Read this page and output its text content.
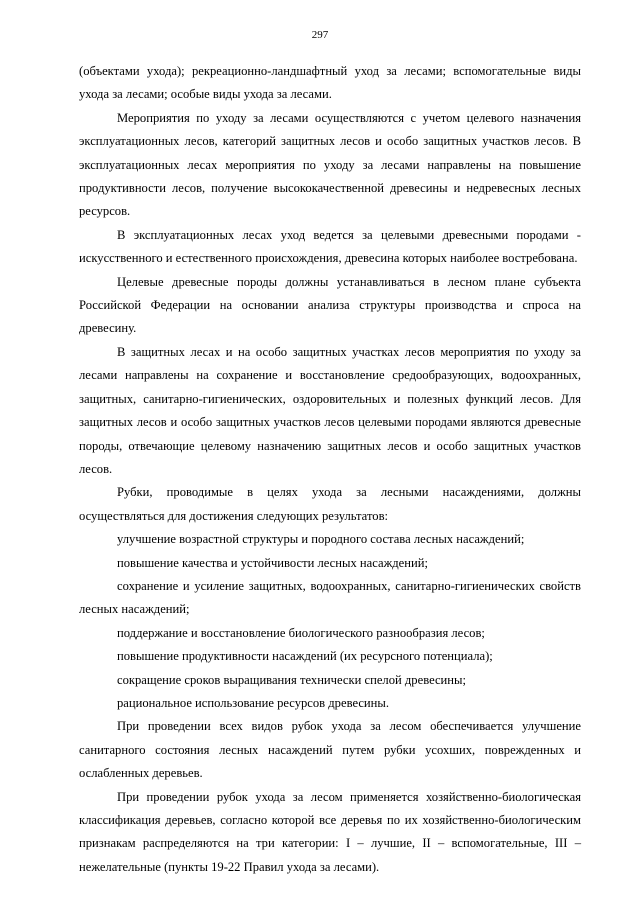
297

(объектами ухода); рекреационно-ландшафтный уход за лесами; вспомогательные виды ухода за лесами; особые виды ухода за лесами.

Мероприятия по уходу за лесами осуществляются с учетом целевого назначения эксплуатационных лесов, категорий защитных лесов и особо защитных участков лесов. В эксплуатационных лесах мероприятия по уходу за лесами направлены на повышение продуктивности лесов, получение высококачественной древесины и недревесных лесных ресурсов.

В эксплуатационных лесах уход ведется за целевыми древесными породами - искусственного и естественного происхождения, древесина которых наиболее востребована.

Целевые древесные породы должны устанавливаться в лесном плане субъекта Российской Федерации на основании анализа структуры производства и спроса на древесину.

В защитных лесах и на особо защитных участках лесов мероприятия по уходу за лесами направлены на сохранение и восстановление средообразующих, водоохранных, защитных, санитарно-гигиенических, оздоровительных и полезных функций лесов. Для защитных лесов и особо защитных участков лесов целевыми породами являются древесные породы, отвечающие целевому назначению защитных лесов и особо защитных участков лесов.

Рубки, проводимые в целях ухода за лесными насаждениями, должны осуществляться для достижения следующих результатов:

улучшение возрастной структуры и породного состава лесных насаждений;

повышение качества и устойчивости лесных насаждений;

сохранение и усиление защитных, водоохранных, санитарно-гигиенических свойств лесных насаждений;

поддержание и восстановление биологического разнообразия лесов;

повышение продуктивности насаждений (их ресурсного потенциала);

сокращение сроков выращивания технически спелой древесины;

рациональное использование ресурсов древесины.

При проведении всех видов рубок ухода за лесом обеспечивается улучшение санитарного состояния лесных насаждений путем рубки усохших, поврежденных и ослабленных деревьев.

При проведении рубок ухода за лесом применяется хозяйственно-биологическая классификация деревьев, согласно которой все деревья по их хозяйственно-биологическим признакам распределяются на три категории: I – лучшие, II – вспомогательные, III – нежелательные (пункты 19-22 Правил ухода за лесами).
